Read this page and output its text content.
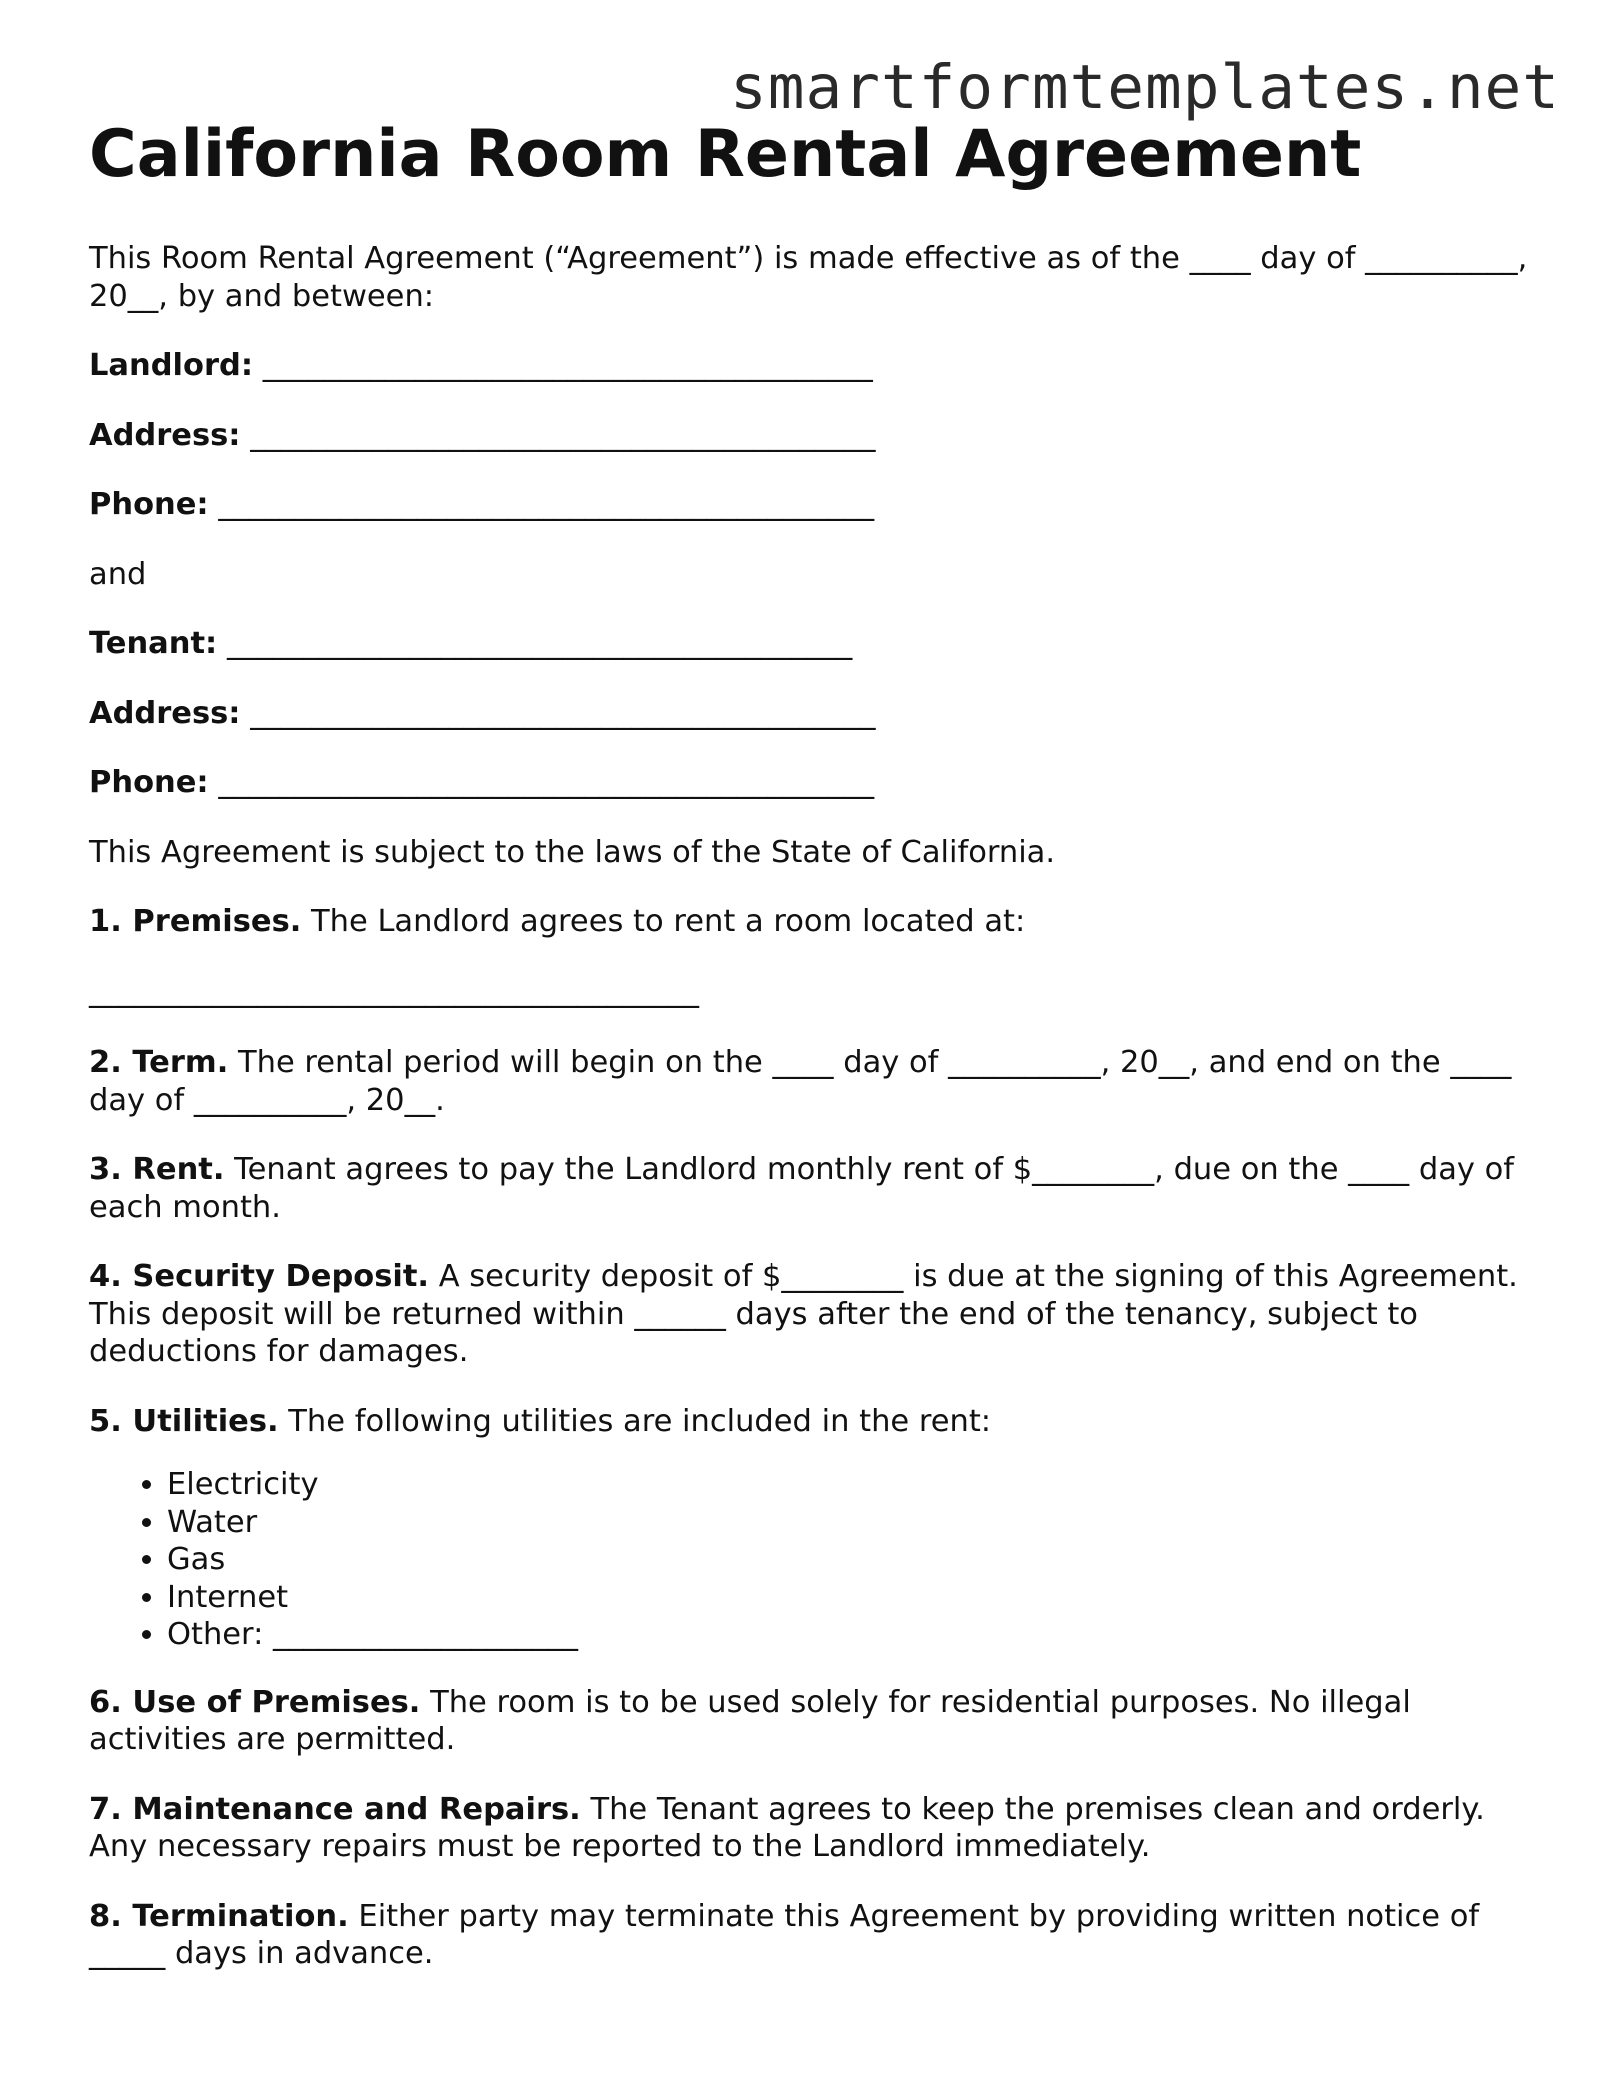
smartformtemplates.net
California Room Rental Agreement

This Room Rental Agreement (“Agreement”) is made effective as of the ____ day of __________, 20__, by and between:

Landlord: ________________________________________

Address: _________________________________________

Phone: ___________________________________________

and

Tenant: _________________________________________

Address: _________________________________________

Phone: ___________________________________________

This Agreement is subject to the laws of the State of California.

1. Premises. The Landlord agrees to rent a room located at:

________________________________________

2. Term. The rental period will begin on the ____ day of __________, 20__, and end on the ____ day of __________, 20__.

3. Rent. Tenant agrees to pay the Landlord monthly rent of $________, due on the ____ day of each month.

4. Security Deposit. A security deposit of $________ is due at the signing of this Agreement. This deposit will be returned within ______ days after the end of the tenancy, subject to deductions for damages.

5. Utilities. The following utilities are included in the rent:

• Electricity
• Water
• Gas
• Internet
• Other: ____________________

6. Use of Premises. The room is to be used solely for residential purposes. No illegal activities are permitted.

7. Maintenance and Repairs. The Tenant agrees to keep the premises clean and orderly. Any necessary repairs must be reported to the Landlord immediately.

8. Termination. Either party may terminate this Agreement by providing written notice of _____ days in advance.
